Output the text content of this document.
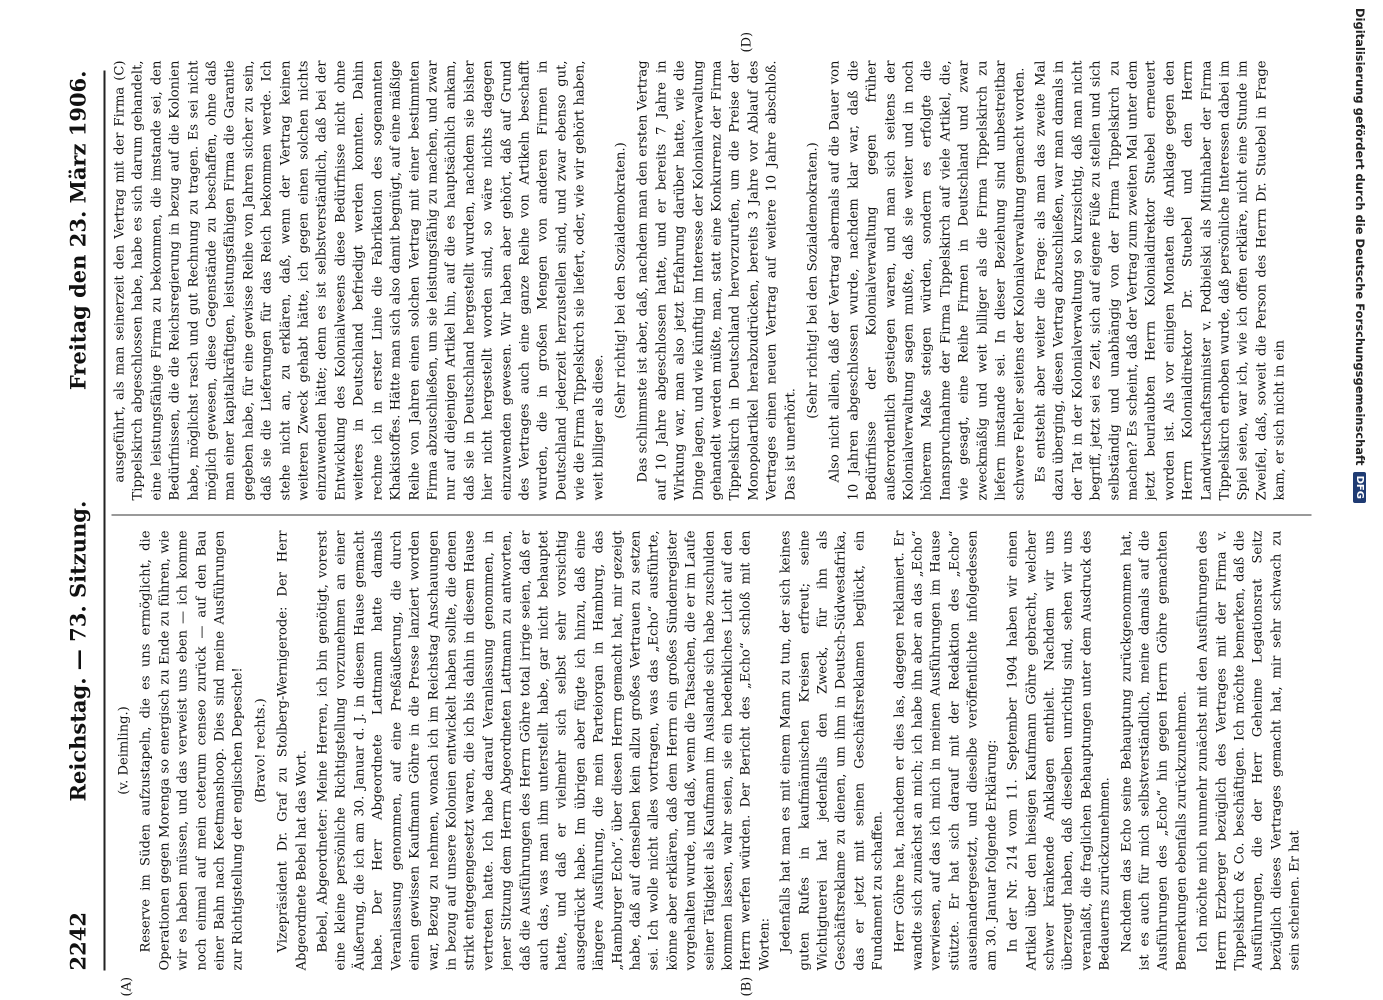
2242
Reichstag. — 73. Sitzung.
Freitag den 23. März 1906.
(A)	(B)
(D)

(v. Deimling.) Reserve im Süden aufzustapeln, die es uns ermöglicht, die Operationen gegen Morenga so energisch zu Ende zu führen, wie wir es haben müssen, und das verweist uns eben — ich komme noch einmal auf mein ceterum censeo zurück — auf den Bau einer Bahn nach Keetmanshoop. Dies sind meine Ausführungen zur Richtigstellung der englischen Depesche! (Bravo! rechts.) Vizepräsident Dr. Graf zu Stolberg-Wernigerode: Der Herr Abgeordnete Bebel hat das Wort. Bebel, Abgeordneter: Meine Herren, ich bin genötigt, vorerst eine kleine persönliche Richtigstellung vorzunehmen an einer Äußerung, die ich am 30. Januar d. J. in diesem Hause gemacht habe. Der Herr Abgeordnete Lattmann hatte damals Veranlassung genommen, auf eine Preßäußerung, die durch einen gewissen Kaufmann Göhre in die Presse lanziert worden war, Bezug zu nehmen, wonach ich im Reichstag Anschauungen in bezug auf unsere Kolonien entwickelt haben sollte, die denen strikt entgegengesetzt waren, die ich bis dahin in diesem Hause vertreten hatte. Ich habe darauf Veranlassung genommen, in jener Sitzung dem Herrn Abgeordneten Lattmann zu antworten, daß die Ausführungen des Herrn Göhre total irrige seien, daß er auch das, was man ihm unterstellt habe, gar nicht behauptet hatte, und daß er vielmehr sich selbst sehr vorsichtig ausgedrückt habe. Im übrigen aber fügte ich hinzu, daß eine längere Ausführung, die mein Parteiorgan in Hamburg, das „Hamburger Echo“, über diesen Herrn gemacht hat, mir gezeigt habe, daß auf denselben kein allzu großes Vertrauen zu setzen sei. Ich wolle nicht alles vortragen, was das „Echo“ ausführte, könne aber erklären, daß dem Herrn ein großes Sündenregister vorgehalten wurde, und daß, wenn die Tatsachen, die er im Laufe seiner Tätigkeit als Kaufmann im Auslande sich habe zuschulden kommen lassen, wahr seien, sie ein bedenkliches Licht auf den Herrn werfen würden. Der Bericht des „Echo“ schloß mit den Worten: Jedenfalls hat man es mit einem Mann zu tun, der sich keines guten Rufes in kaufmännischen Kreisen erfreut; seine Wichtigtuerei hat jedenfalls den Zweck, für ihn als Geschäftsreklame zu dienen, um ihm in Deutsch-Südwestafrika, das er jetzt mit seinen Geschäftsreklamen beglückt, ein Fundament zu schaffen. Herr Göhre hat, nachdem er dies las, dagegen reklamiert. Er wandte sich zunächst an mich; ich habe ihn aber an das „Echo“ verwiesen, auf das ich mich in meinen Ausführungen im Hause stützte. Er hat sich darauf mit der Redaktion des „Echo“ auseinandergesetzt, und dieselbe veröffentlichte infolgedessen am 30. Januar folgende Erklärung: In der Nr. 214 vom 11. September 1904 haben wir einen Artikel über den hiesigen Kaufmann Göhre gebracht, welcher schwer kränkende Anklagen enthielt. Nachdem wir uns überzeugt haben, daß dieselben unrichtig sind, sehen wir uns veranlaßt, die fraglichen Behauptungen unter dem Ausdruck des Bedauerns zurückzunehmen. Nachdem das Echo seine Behauptung zurückgenommen hat, ist es auch für mich selbstverständlich, meine damals auf die Ausführungen des „Echo“ hin gegen Herrn Göhre gemachten Bemerkungen ebenfalls zurückzunehmen. Ich möchte mich nunmehr zunächst mit den Ausführungen des Herrn Erzberger bezüglich des Vertrages mit der Firma v. Tippelskirch & Co. beschäftigen. Ich möchte bemerken, daß die Ausführungen, die der Herr Geheime Legationsrat Seitz bezüglich dieses Vertrages gemacht hat, mir sehr schwach zu sein scheinen. Er hat

ausgeführt, als man seinerzeit den Vertrag mit der Firma (C) Tippelskirch abgeschlossen habe, habe es sich darum gehandelt, eine leistungsfähige Firma zu bekommen, die imstande sei, den Bedürfnissen, die die Reichsregierung in bezug auf die Kolonien habe, möglichst rasch und gut Rechnung zu tragen. Es sei nicht möglich gewesen, diese Gegenstände zu beschaffen, ohne daß man einer kapitalkräftigen, leistungsfähigen Firma die Garantie gegeben habe, für eine gewisse Reihe von Jahren sicher zu sein, daß sie die Lieferungen für das Reich bekommen werde. Ich stehe nicht an, zu erklären, daß, wenn der Vertrag keinen weiteren Zweck gehabt hätte, ich gegen einen solchen nichts einzuwenden hätte; denn es ist selbstverständlich, daß bei der Entwicklung des Kolonialwesens diese Bedürfnisse nicht ohne weiteres in Deutschland befriedigt werden konnten. Dahin rechne ich in erster Linie die Fabrikation des sogenannten Khakistoffes. Hätte man sich also damit begnügt, auf eine mäßige Reihe von Jahren einen solchen Vertrag mit einer bestimmten Firma abzuschließen, um sie leistungsfähig zu machen, und zwar nur auf diejenigen Artikel hin, auf die es hauptsächlich ankam, daß sie in Deutschland hergestellt wurden, nachdem sie bisher hier nicht hergestellt worden sind, so wäre nichts dagegen einzuwenden gewesen. Wir haben aber gehört, daß auf Grund des Vertrages auch eine ganze Reihe von Artikeln beschafft wurden, die in großen Mengen von anderen Firmen in Deutschland jederzeit herzustellen sind, und zwar ebenso gut, wie die Firma Tippelskirch sie liefert, oder, wie wir gehört haben, weit billiger als diese.

(Sehr richtig! bei den Sozialdemokraten.) Das schlimmste ist aber, daß, nachdem man den ersten Vertrag auf 10 Jahre abgeschlossen hatte, und er bereits 7 Jahre in Wirkung war, man also jetzt Erfahrung darüber hatte, wie die Dinge lagen, und wie künftig im Interesse der Kolonialverwaltung gehandelt werden müßte, man, statt eine Konkurrenz der Firma Tippelskirch in Deutschland hervorzurufen, um die Preise der Monopolartikel herabzudrücken, bereits 3 Jahre vor Ablauf des Vertrages einen neuen Vertrag auf weitere 10 Jahre abschloß. Das ist unerhört.

(Sehr richtig! bei den Sozialdemokraten.) Also nicht allein, daß der Vertrag abermals auf die Dauer von 10 Jahren abgeschlossen wurde, nachdem klar war, daß die Bedürfnisse der Kolonialverwaltung gegen früher außerordentlich gestiegen waren, und man sich seitens der Kolonialverwaltung sagen mußte, daß sie weiter und in noch höherem Maße steigen würden, sondern es erfolgte die Inanspruchnahme der Firma Tippelskirch auf viele Artikel, die, wie gesagt, eine Reihe Firmen in Deutschland und zwar zweckmäßig und weit billiger als die Firma Tippelskirch zu liefern imstande sei. In dieser Beziehung sind unbestreitbar schwere Fehler seitens der Kolonialverwaltung gemacht worden. Es entsteht aber weiter die Frage: als man das zweite Mal dazu überging, diesen Vertrag abzuschließen, war man damals in der Tat in der Kolonialverwaltung so kurzsichtig, daß man nicht begriff, jetzt sei es Zeit, sich auf eigene Füße zu stellen und sich selbständig und unabhängig von der Firma Tippelskirch zu machen? Es scheint, daß der Vertrag zum zweiten Mal unter dem jetzt beurlaubten Herrn Kolonialdirektor Stuebel erneuert worden ist. Als vor einigen Monaten die Anklage gegen den Herrn Kolonialdirektor Dr. Stuebel und den Herrn Landwirtschaftsminister v. Podbielski als Mitinhaber der Firma Tippelskirch erhoben wurde, daß persönliche Interessen dabei im Spiel seien, war ich, wie ich offen erkläre, nicht eine Stunde im Zweifel, daß, soweit die Person des Herrn Dr. Stuebel in Frage kam, er sich nicht in ein	Digitalisierung gefördert durch die Deutsche Forschungsgemeinschaft
DFG
